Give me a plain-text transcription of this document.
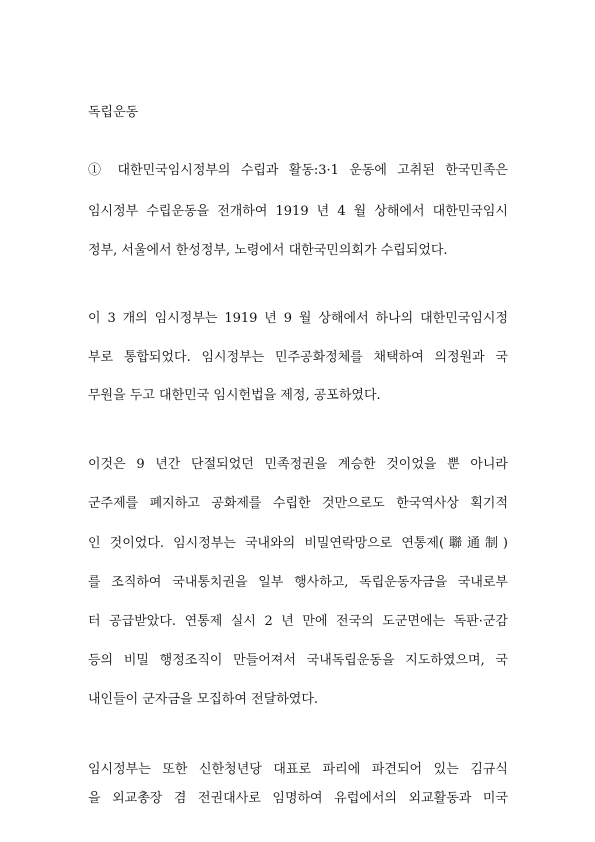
독립운동
① 대한민국임시정부의 수립과 활동:3·1 운동에 고취된 한국민족은
임시정부 수립운동을 전개하여 1919 년 4 월 상해에서 대한민국임시
정부, 서울에서 한성정부, 노령에서 대한국민의회가 수립되었다.
이 3 개의 임시정부는 1919 년 9 월 상해에서 하나의 대한민국임시정
부로 통합되었다. 임시정부는 민주공화정체를 채택하여 의정원과 국
무원을 두고 대한민국 임시헌법을 제정, 공포하였다.
이것은 9 년간 단절되었던 민족정권을 계승한 것이었을 뿐 아니라
군주제를 폐지하고 공화제를 수립한 것만으로도 한국역사상 획기적
인 것이었다. 임시정부는 국내와의 비밀연락망으로 연통제(聯通制)
를 조직하여 국내통치권을 일부 행사하고, 독립운동자금을 국내로부
터 공급받았다. 연통제 실시 2 년 만에 전국의 도군면에는 독판·군감
등의 비밀 행정조직이 만들어져서 국내독립운동을 지도하였으며, 국
내인들이 군자금을 모집하여 전달하였다.
임시정부는 또한 신한청년당 대표로 파리에 파견되어 있는 김규식
을 외교총장 겸 전권대사로 임명하여 유럽에서의 외교활동과 미국
